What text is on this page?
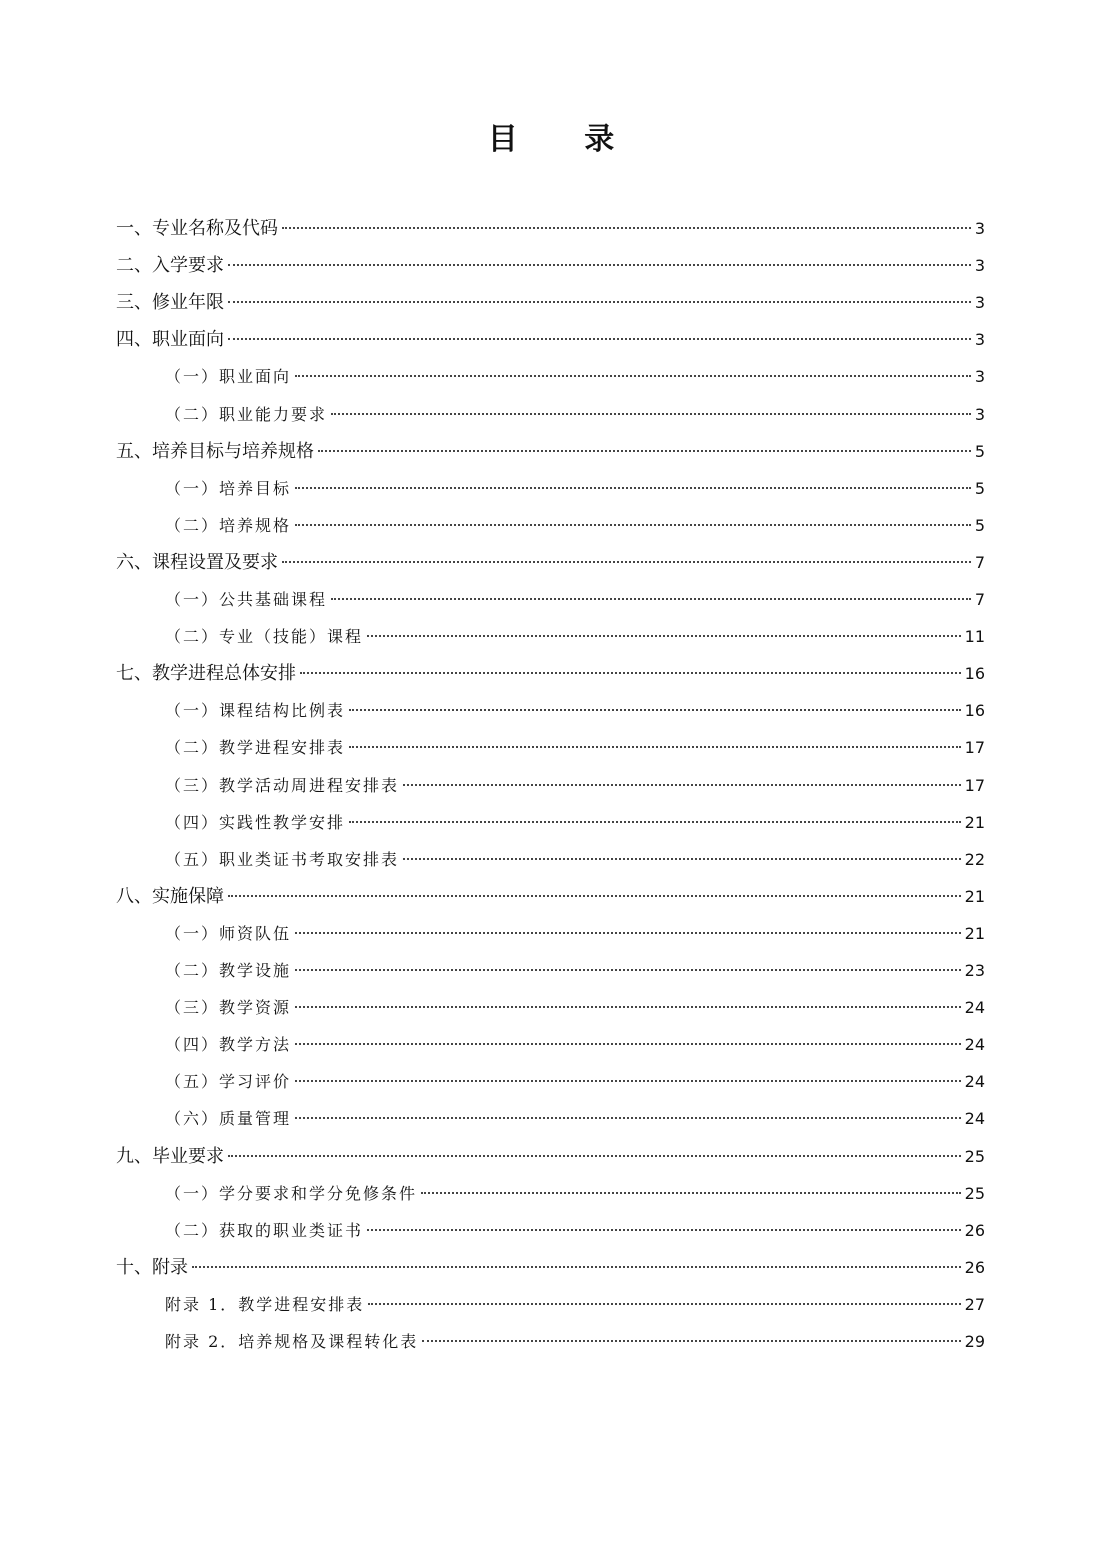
目 录
一、专业名称及代码	3
二、入学要求	3
三、修业年限	3
四、职业面向	3
（一）职业面向	3
（二）职业能力要求	3
五、培养目标与培养规格	5
（一）培养目标	5
（二）培养规格	5
六、课程设置及要求	7
（一）公共基础课程	7
（二）专业（技能）课程	11
七、教学进程总体安排	16
（一）课程结构比例表	16
（二）教学进程安排表	17
（三）教学活动周进程安排表	17
（四）实践性教学安排	21
（五）职业类证书考取安排表	22
八、实施保障	21
（一）师资队伍	21
（二）教学设施	23
（三）教学资源	24
（四）教学方法	24
（五）学习评价	24
（六）质量管理	24
九、毕业要求	25
（一）学分要求和学分免修条件	25
（二）获取的职业类证书	26
十、附录	26
附录 1．教学进程安排表	27
附录 2．培养规格及课程转化表	29
